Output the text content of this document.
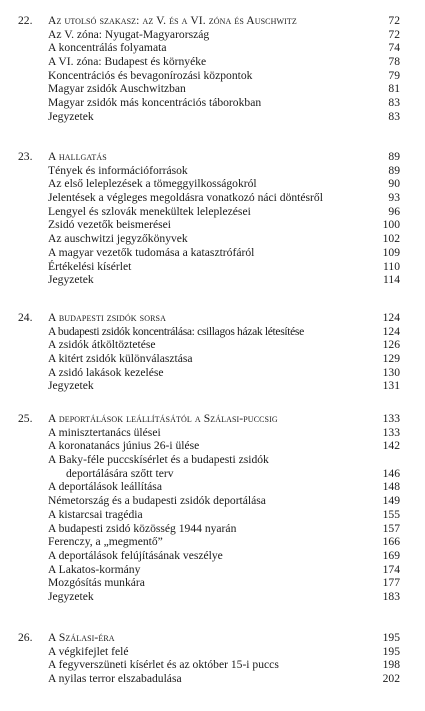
22. Az utolsó szakasz: az V. és a VI. zóna és Auschwitz	72
Az V. zóna: Nyugat-Magyarország	72
A koncentrálás folyamata	74
A VI. zóna: Budapest és környéke	78
Koncentrációs és bevagonírozási központok	79
Magyar zsidók Auschwitzban	81
Magyar zsidók más koncentrációs táborokban	83
Jegyzetek	83
23. A hallgatás	89
Tények és információforrások	89
Az első leleplezések a tömeggyilkosságokról	90
Jelentések a végleges megoldásra vonatkozó náci döntésről	93
Lengyel és szlovák menekültek leleplezései	96
Zsidó vezetők beismerései	100
Az auschwitzi jegyzőkönyvek	102
A magyar vezetők tudomása a katasztrófáról	109
Értékelési kísérlet	110
Jegyzetek	114
24. A budapesti zsidók sorsa	124
A budapesti zsidók koncentrálása: csillagos házak létesítése	124
A zsidók átköltöztetése	126
A kitért zsidók különválasztása	129
A zsidó lakások kezelése	130
Jegyzetek	131
25. A deportálások leállításától a Szálasi-puccsig	133
A minisztertanács ülései	133
A koronatanács június 26-i ülése	142
A Baky-féle puccskísérlet és a budapesti zsidók
deportálására szőtt terv	146
A deportálások leállítása	148
Németország és a budapesti zsidók deportálása	149
A kistarcsai tragédia	155
A budapesti zsidó közösség 1944 nyarán	157
Ferenczy, a „megmentő”	166
A deportálások felújításának veszélye	169
A Lakatos-kormány	174
Mozgósítás munkára	177
Jegyzetek	183
26. A Szálasi-éra	195
A végkifejlet felé	195
A fegyverszüneti kísérlet és az október 15-i puccs	198
A nyilas terror elszabadulása	202
